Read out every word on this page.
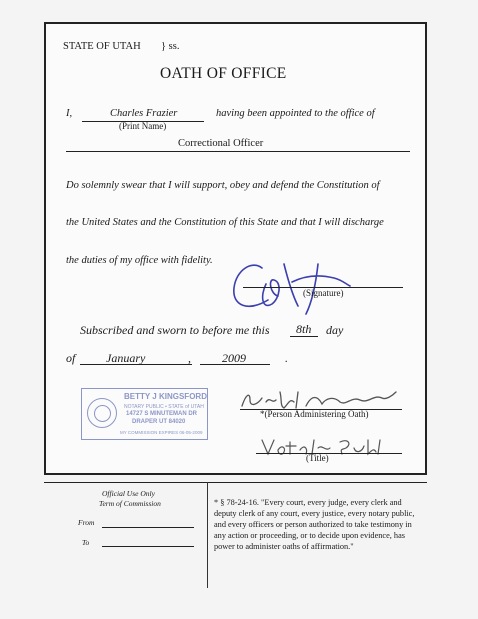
STATE OF UTAH } ss.
OATH OF OFFICE
I,	Charles Frazier
(Print Name)
having been appointed to the office of
Correctional Officer
Do solemnly swear that I will support, obey and defend the Constitution of
the United States and the Constitution of this State and that I will discharge
the duties of my office with fidelity.
(Signature)
Subscribed and sworn to before me this 8th day
of	January	,	2009	.
BETTY J KINGSFORD
NOTARY PUBLIC • STATE of UTAH
14727 S MINUTEMAN DR
DRAPER UT 84020
MY COMMISSION EXPIRES 06-05-2009
*(Person Administering Oath)
(Title)
Official Use Only
Term of Commission
From
To
* § 78-24-16. "Every court, every judge, every clerk and
deputy clerk of any court, every justice, every notary public,
and every officers or person authorized to take testimony in
any action or proceeding, or to decide upon evidence, has
power to administer oaths of affirmation."
